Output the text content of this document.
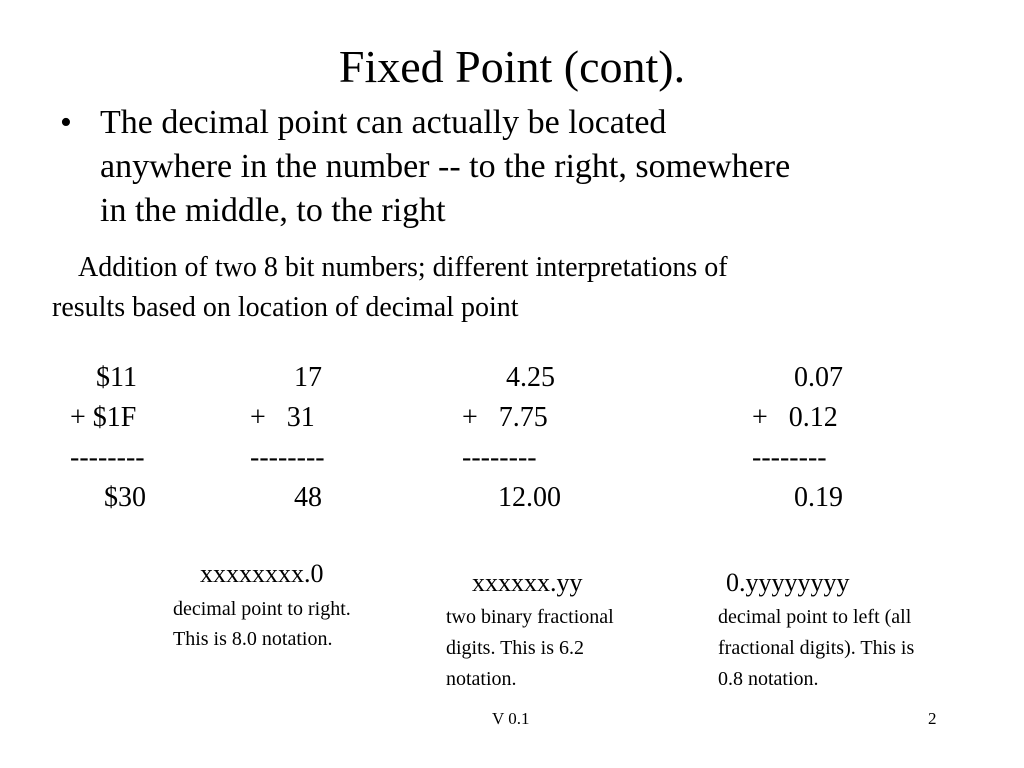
Fixed Point (cont).
• The decimal point can actually be located
anywhere in the number -- to the right, somewhere
in the middle, to the right
Addition of two 8 bit numbers; different interpretations of
results based on location of decimal point
$11
+ $1F
--------
$30
17
+   31
--------
48
4.25
+   7.75
--------
12.00
0.07
+   0.12
--------
0.19
xxxxxxxx.0
decimal point to right.
This is 8.0 notation.
xxxxxx.yy
two binary fractional
digits. This is 6.2
notation.
0.yyyyyyyy
decimal point to left (all
fractional digits). This is
0.8 notation.
V 0.1	2
